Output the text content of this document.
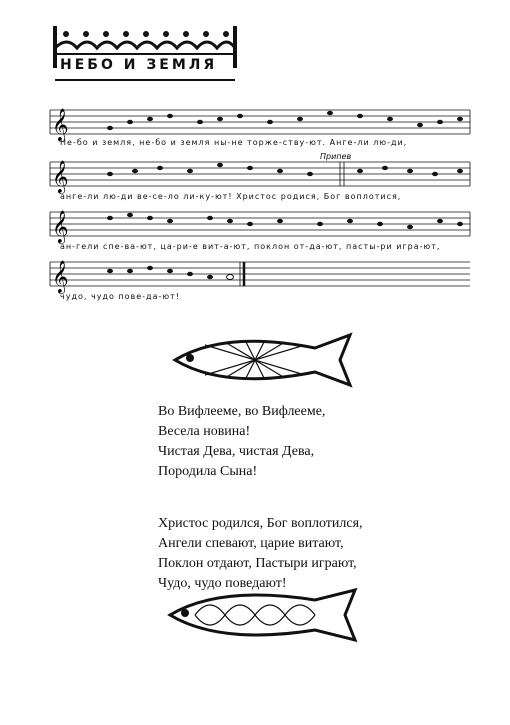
НЕБО И ЗЕМЛЯ
𝄞
Не-бо и земля, не-бо и земля ны-не торже-ству-ют. Анге-ли лю-ди,
Припев
𝄞
анге-ли лю-ди ве-се-ло ли-ку-ют! Христос родися, Бог воплотися,
𝄞
ан-гели спе-ва-ют, ца-ри-е вит-а-ют, поклон от-да-ют, пасты-ри игра-ют,
𝄞
чудо, чудо пове-да-ют!
Во Вифлееме, во Вифлееме,
Весела новина!
Чистая Дева, чистая Дева,
Породила Сына!
Христос родился, Бог воплотился,
Ангели спевают, царие витают,
Поклон отдают, Пастыри играют,
Чудо, чудо поведают!
